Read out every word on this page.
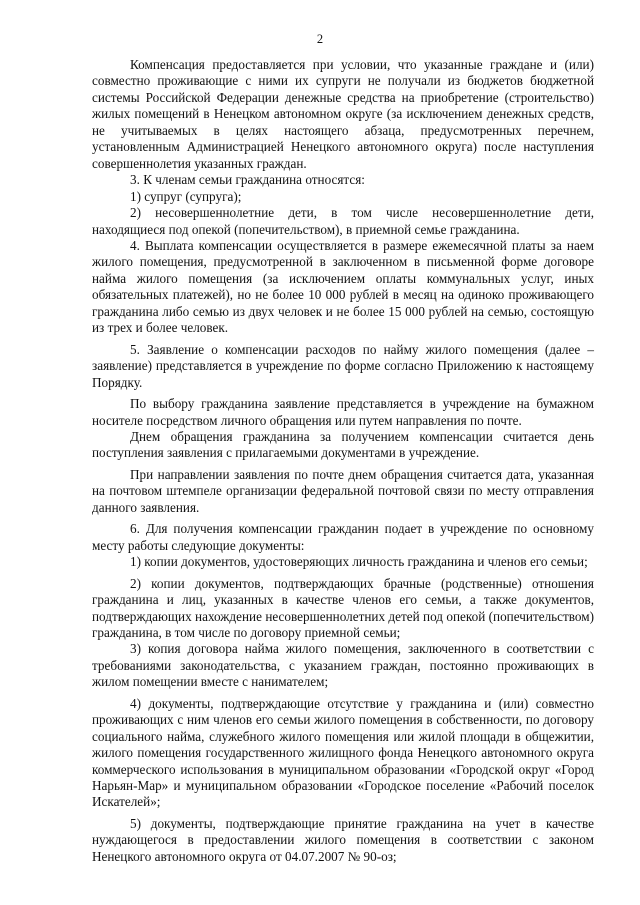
2

Компенсация предоставляется при условии, что указанные граждане и (или) совместно проживающие с ними их супруги не получали из бюджетов бюджетной системы Российской Федерации денежные средства на приобретение (строительство) жилых помещений в Ненецком автономном округе (за исключением денежных средств, не учитываемых в целях настоящего абзаца, предусмотренных перечнем, установленным Администрацией Ненецкого автономного округа) после наступления совершеннолетия указанных граждан.

3. К членам семьи гражданина относятся:

1) супруг (супруга);

2) несовершеннолетние дети, в том числе несовершеннолетние дети, находящиеся под опекой (попечительством), в приемной семье гражданина.

4. Выплата компенсации осуществляется в размере ежемесячной платы за наем жилого помещения, предусмотренной в заключенном в письменной форме договоре найма жилого помещения (за исключением оплаты коммунальных услуг, иных обязательных платежей), но не более 10 000 рублей в месяц на одиноко проживающего гражданина либо семью из двух человек и не более 15 000 рублей на семью, состоящую из трех и более человек.

5. Заявление о компенсации расходов по найму жилого помещения (далее – заявление) представляется в учреждение по форме согласно Приложению к настоящему Порядку.

По выбору гражданина заявление представляется в учреждение на бумажном носителе посредством личного обращения или путем направления по почте.

Днем обращения гражданина за получением компенсации считается день поступления заявления с прилагаемыми документами в учреждение.

При направлении заявления по почте днем обращения считается дата, указанная на почтовом штемпеле организации федеральной почтовой связи по месту отправления данного заявления.

6. Для получения компенсации гражданин подает в учреждение по основному месту работы следующие документы:

1) копии документов, удостоверяющих личность гражданина и членов его семьи;

2) копии документов, подтверждающих брачные (родственные) отношения гражданина и лиц, указанных в качестве членов его семьи, а также документов, подтверждающих нахождение несовершеннолетних детей под опекой (попечительством) гражданина, в том числе по договору приемной семьи;

3) копия договора найма жилого помещения, заключенного в соответствии с требованиями законодательства, с указанием граждан, постоянно проживающих в жилом помещении вместе с нанимателем;

4) документы, подтверждающие отсутствие у гражданина и (или) совместно проживающих с ним членов его семьи жилого помещения в собственности, по договору социального найма, служебного жилого помещения или жилой площади в общежитии, жилого помещения государственного жилищного фонда Ненецкого автономного округа коммерческого использования в муниципальном образовании «Городской округ «Город Нарьян-Мар» и муниципальном образовании «Городское поселение «Рабочий поселок Искателей»;

5) документы, подтверждающие принятие гражданина на учет в качестве нуждающегося в предоставлении жилого помещения в соответствии с законом Ненецкого автономного округа от 04.07.2007 № 90-оз;
